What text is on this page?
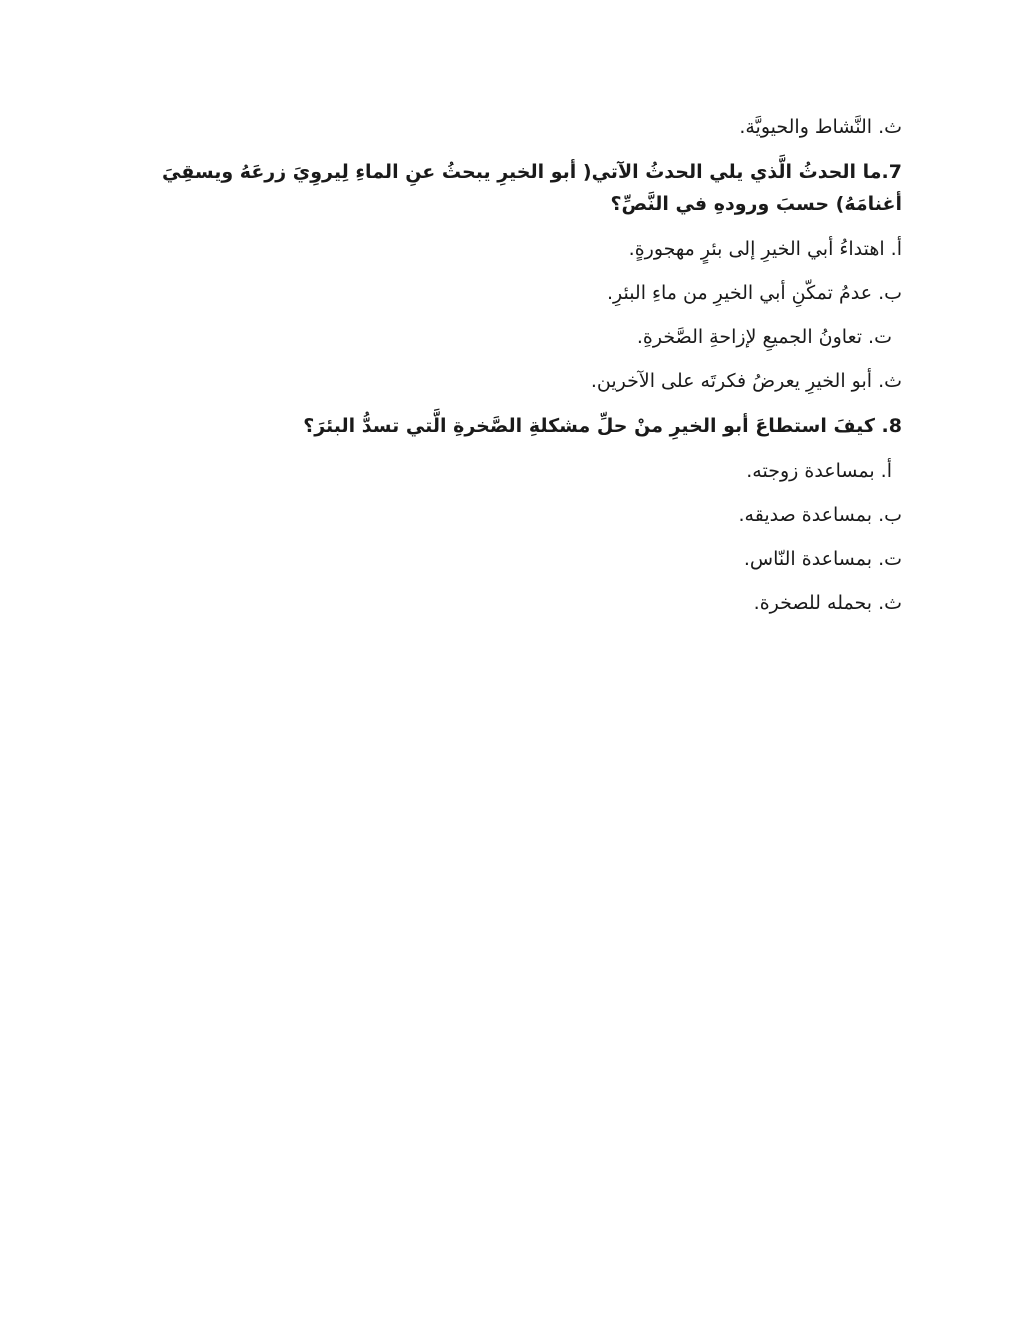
ث. النَّشاط والحيويَّة.

7.ما الحدثُ الَّذي يلي الحدثُ الآتي( أبو الخيرِ يبحثُ عنِ الماءِ لِيروِيَ زرعَهُ ويسقِيَ أغنامَهُ) حسبَ ورودهِ في النَّصِّ؟

أ. اهتداءُ أبي الخيرِ إلى بئرٍ مهجورةٍ.

ب. عدمُ تمكّنِ أبي الخيرِ من ماءِ البئرِ.

ت. تعاونُ الجميعِ لإزاحةِ الصَّخرةِ.

ث. أبو الخيرِ يعرضُ فكرتَه على الآخرين.

8. كيفَ استطاعَ أبو الخيرِ منْ حلِّ مشكلةِ الصَّخرةِ الَّتي تسدُّ البئرَ؟

أ. بمساعدة زوجته.

ب. بمساعدة صديقه.

ت. بمساعدة النّاس.

ث. بحمله للصخرة.
